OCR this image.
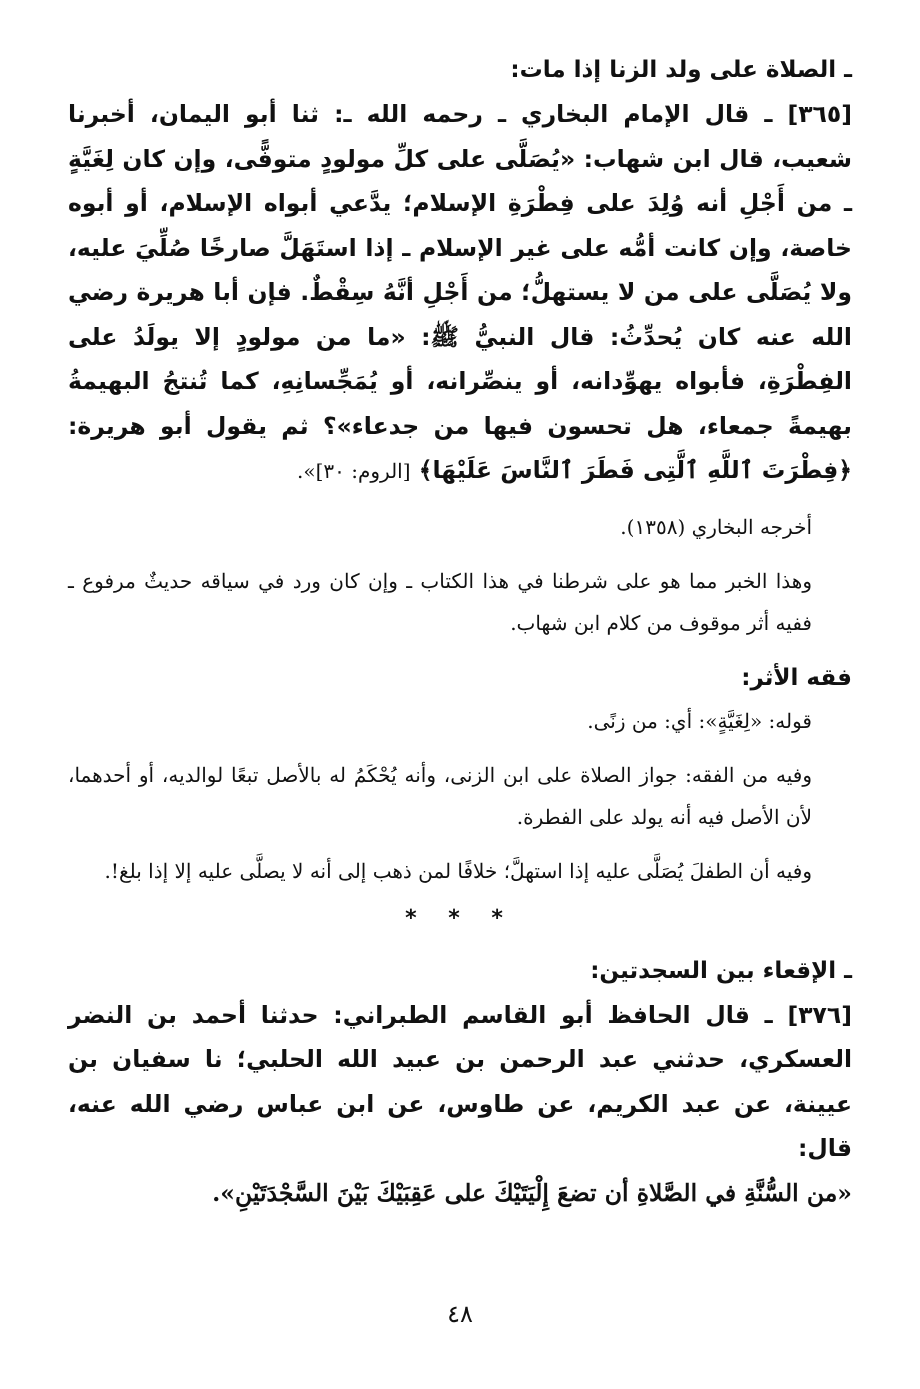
ـ الصلاة على ولد الزنا إذا مات:

[٣٦٥] ـ قال الإمام البخاري ـ رحمه الله ـ: ثنا أبو اليمان، أخبرنا شعيب، قال ابن شهاب: «يُصَلَّى على كلِّ مولودٍ متوفًّى، وإن كان لِغَيَّةٍ ـ من أَجْلِ أنه وُلِدَ على فِطْرَةِ الإسلام؛ يدَّعي أبواه الإسلام، أو أبوه خاصة، وإن كانت أمُّه على غير الإسلام ـ إذا استَهَلَّ صارخًا صُلِّيَ عليه، ولا يُصَلَّى على من لا يستهلُّ؛ من أَجْلِ أنَّهُ سِقْطٌ. فإن أبا هريرة رضي الله عنه كان يُحدِّثُ: قال النبيُّ ﷺ: «ما من مولودٍ إلا يولَدُ على الفِطْرَةِ، فأبواه يهوِّدانه، أو ينصِّرانه، أو يُمَجِّسانِهِ، كما تُنتجُ البهيمةُ بهيمةً جمعاء، هل تحسون فيها من جدعاء»؟ ثم يقول أبو هريرة: ﴿فِطْرَتَ ٱللَّهِ ٱلَّتِى فَطَرَ ٱلنَّاسَ عَلَيْهَا﴾ [الروم: ٣٠]».

أخرجه البخاري (١٣٥٨).

وهذا الخبر مما هو على شرطنا في هذا الكتاب ـ وإن كان ورد في سياقه حديثٌ مرفوع ـ ففيه أثر موقوف من كلام ابن شهاب.

فقه الأثر:

قوله: «لِغَيَّةٍ»: أي: من زنًى.

وفيه من الفقه: جواز الصلاة على ابن الزنى، وأنه يُحْكَمُ له بالأصل تبعًا لوالديه، أو أحدهما، لأن الأصل فيه أنه يولد على الفطرة.

وفيه أن الطفلَ يُصَلَّى عليه إذا استهلَّ؛ خلافًا لمن ذهب إلى أنه لا يصلَّى عليه إلا إذا بلغ!.

* * *

ـ الإقعاء بين السجدتين:

[٣٧٦] ـ قال الحافظ أبو القاسم الطبراني: حدثنا أحمد بن النضر العسكري، حدثني عبد الرحمن بن عبيد الله الحلبي؛ نا سفيان بن عيينة، عن عبد الكريم، عن طاوس، عن ابن عباس رضي الله عنه، قال:

«من السُّنَّةِ في الصَّلاةِ أن تضعَ إِلْيَتَيْكَ على عَقِبَيْكَ بَيْنَ السَّجْدَتَيْنِ».

٤٨
